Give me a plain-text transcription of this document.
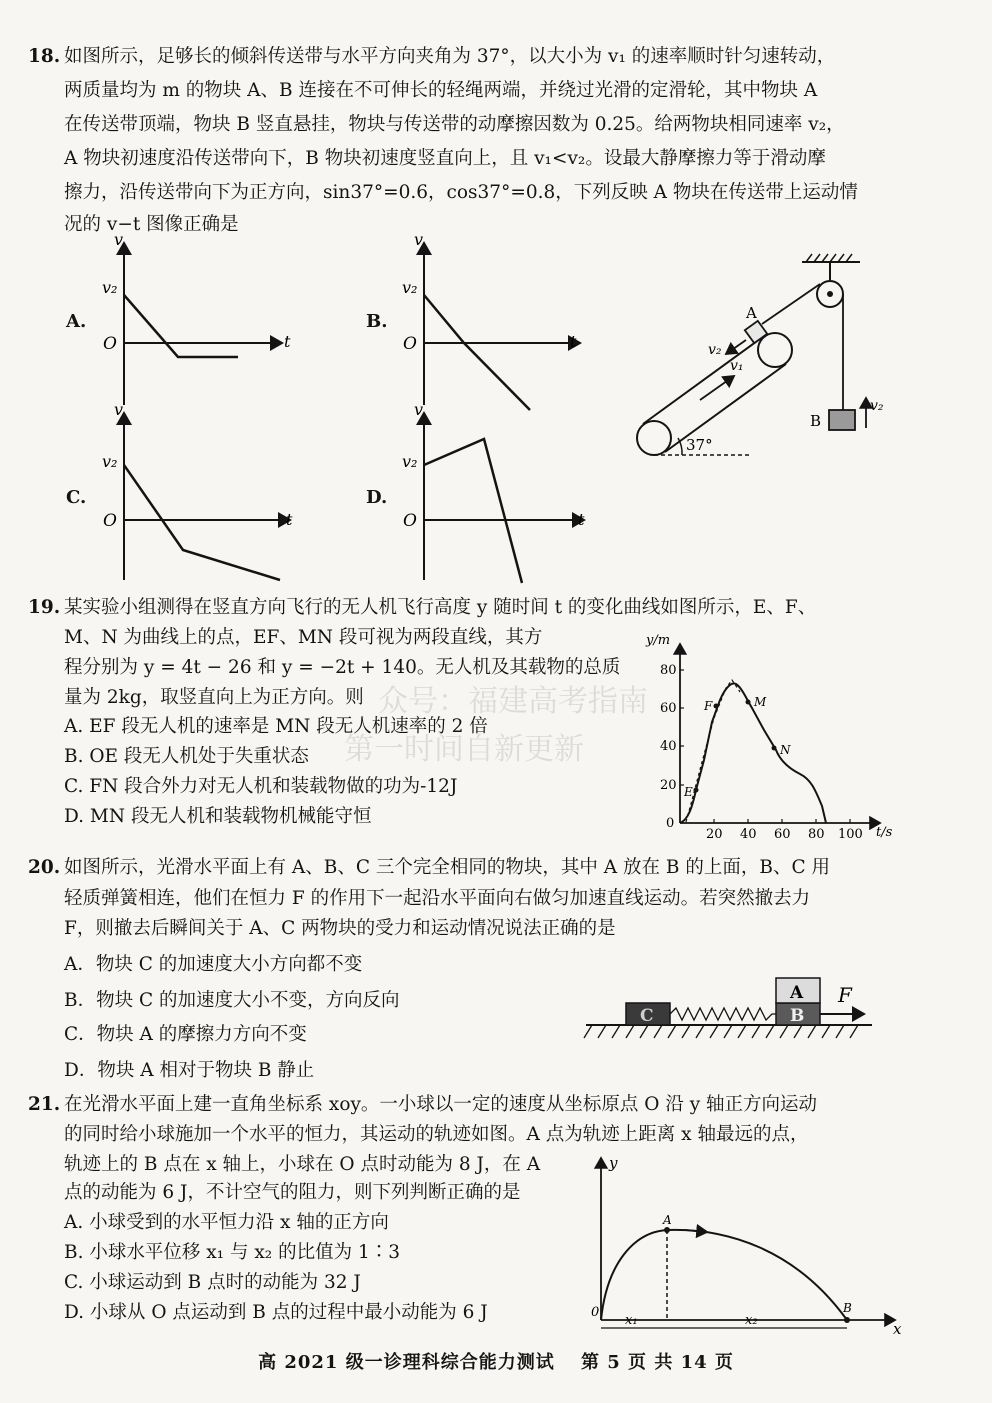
18. 如图所示，足够长的倾斜传送带与水平方向夹角为 37°，以大小为 v₁ 的速率顺时针匀速转动，
两质量均为 m 的物块 A、B 连接在不可伸长的轻绳两端，并绕过光滑的定滑轮，其中物块 A
在传送带顶端，物块 B 竖直悬挂，物块与传送带的动摩擦因数为 0.25。给两物块相同速率 v₂，
A 物块初速度沿传送带向下，B 物块初速度竖直向上，且 v₁<v₂。设最大静摩擦力等于滑动摩
擦力，沿传送带向下为正方向，sin37°=0.6，cos37°=0.8，下列反映 A 物块在传送带上运动情
况的 v−t 图像正确是
A.
v
v₂
O	t
B.
v
v₂
O	t
C.
v
v₂
O	t
D.
v
v₂
O	t
A
B
v₂
v₁
v₂
37°
19. 某实验小组测得在竖直方向飞行的无人机飞行高度 y 随时间 t 的变化曲线如图所示，E、F、
M、N 为曲线上的点，EF、MN 段可视为两段直线，其方
程分别为 y = 4t − 26 和 y = −2t + 140。无人机及其载物的总质
量为 2kg，取竖直向上为正方向。则
A. EF 段无人机的速率是 MN 段无人机速率的 2 倍
B. OE 段无人机处于失重状态
C. FN 段合外力对无人机和装载物做的功为-12J
D. MN 段无人机和装载物机械能守恒
y/m
t/s
80
60
40
20
0
20 40 60 80 100
E
F	M
N
20. 如图所示，光滑水平面上有 A、B、C 三个完全相同的物块，其中 A 放在 B 的上面，B、C 用
轻质弹簧相连，他们在恒力 F 的作用下一起沿水平面向右做匀加速直线运动。若突然撤去力
F，则撤去后瞬间关于 A、C 两物块的受力和运动情况说法正确的是
A．物块 C 的加速度大小方向都不变
B．物块 C 的加速度大小不变，方向反向
C．物块 A 的摩擦力方向不变
D．物块 A 相对于物块 B 静止
C	B
A F
21. 在光滑水平面上建一直角坐标系 xoy。一小球以一定的速度从坐标原点 O 沿 y 轴正方向运动
的同时给小球施加一个水平的恒力，其运动的轨迹如图。A 点为轨迹上距离 x 轴最远的点，
轨迹上的 B 点在 x 轴上，小球在 O 点时动能为 8 J，在 A
点的动能为 6 J，不计空气的阻力，则下列判断正确的是
A. 小球受到的水平恒力沿 x 轴的正方向
B. 小球水平位移 x₁ 与 x₂ 的比值为 1∶3
C. 小球运动到 B 点时的动能为 32 J
D. 小球从 O 点运动到 B 点的过程中最小动能为 6 J
y
x
0
A
B
x₁	x₂
众号：福建高考指南
第一时间自新更新
高 2021 级一诊理科综合能力测试　 第 5 页 共 14 页
